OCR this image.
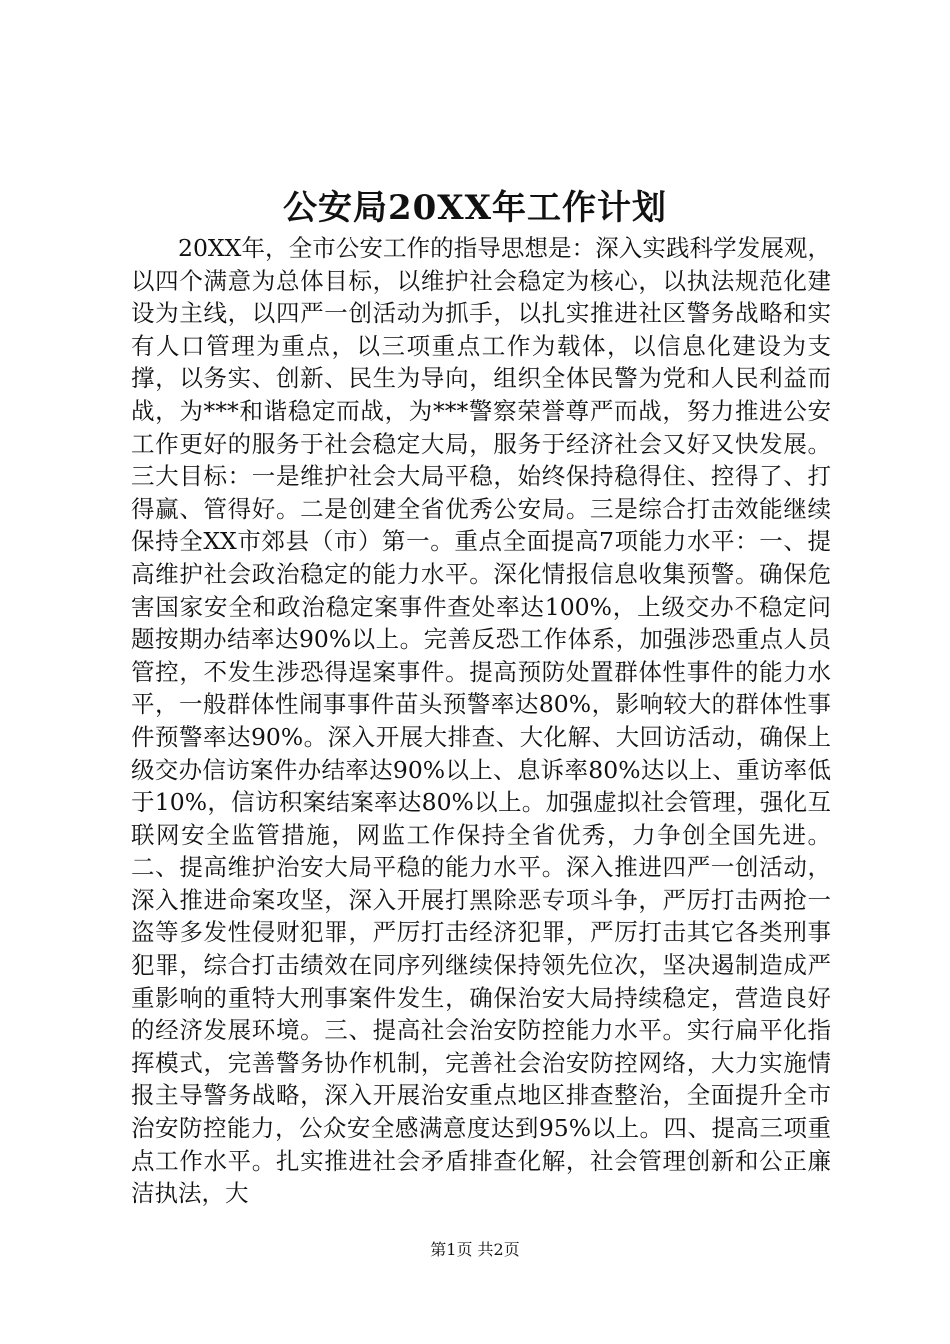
公安局20XX年工作计划

20XX年，全市公安工作的指导思想是：深入实践科学发展观，以四个满意为总体目标，以维护社会稳定为核心，以执法规范化建设为主线，以四严一创活动为抓手，以扎实推进社区警务战略和实有人口管理为重点，以三项重点工作为载体，以信息化建设为支撑，以务实、创新、民生为导向，组织全体民警为党和人民利益而战，为***和谐稳定而战，为***警察荣誉尊严而战，努力推进公安工作更好的服务于社会稳定大局，服务于经济社会又好又快发展。三大目标：一是维护社会大局平稳，始终保持稳得住、控得了、打得赢、管得好。二是创建全省优秀公安局。三是综合打击效能继续保持全XX市郊县（市）第一。重点全面提高7项能力水平：一、提高维护社会政治稳定的能力水平。深化情报信息收集预警。确保危害国家安全和政治稳定案事件查处率达100%，上级交办不稳定问题按期办结率达90%以上。完善反恐工作体系，加强涉恐重点人员管控，不发生涉恐得逞案事件。提高预防处置群体性事件的能力水平，一般群体性闹事事件苗头预警率达80%，影响较大的群体性事件预警率达90%。深入开展大排查、大化解、大回访活动，确保上级交办信访案件办结率达90%以上、息诉率80%达以上、重访率低于10%，信访积案结案率达80%以上。加强虚拟社会管理，强化互联网安全监管措施，网监工作保持全省优秀，力争创全国先进。二、提高维护治安大局平稳的能力水平。深入推进四严一创活动，深入推进命案攻坚，深入开展打黑除恶专项斗争，严厉打击两抢一盗等多发性侵财犯罪，严厉打击经济犯罪，严厉打击其它各类刑事犯罪，综合打击绩效在同序列继续保持领先位次，坚决遏制造成严重影响的重特大刑事案件发生，确保治安大局持续稳定，营造良好的经济发展环境。三、提高社会治安防控能力水平。实行扁平化指挥模式，完善警务协作机制，完善社会治安防控网络，大力实施情报主导警务战略，深入开展治安重点地区排查整治，全面提升全市治安防控能力，公众安全感满意度达到95%以上。四、提高三项重点工作水平。扎实推进社会矛盾排查化解，社会管理创新和公正廉洁执法，大

第1页 共2页
